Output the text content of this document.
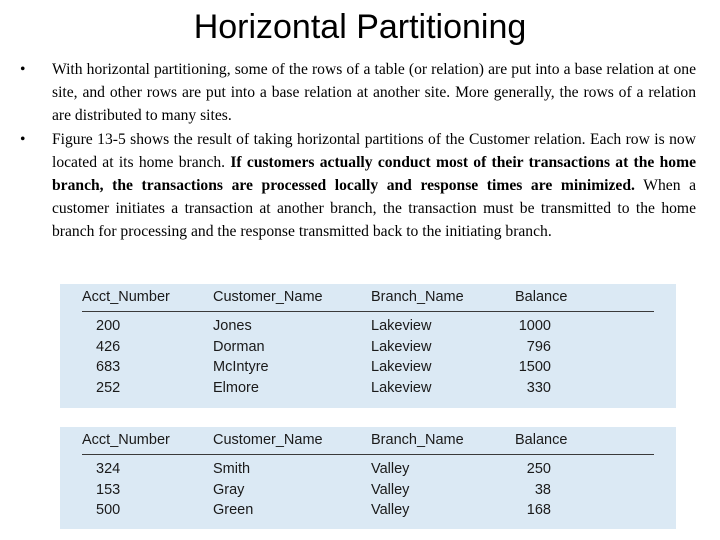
Horizontal Partitioning
• With horizontal partitioning, some of the rows of a table (or relation) are put into a base relation at one site, and other rows are put into a base relation at another site. More generally, the rows of a relation are distributed to many sites.
• Figure 13-5 shows the result of taking horizontal partitions of the Customer relation. Each row is now located at its home branch. If customers actually conduct most of their transactions at the home branch, the transactions are processed locally and response times are minimized. When a customer initiates a transaction at another branch, the transaction must be transmitted to the home branch for processing and the response transmitted back to the initiating branch.
Acct_Number	Customer_Name	Branch_Name	Balance
200	Jones	Lakeview	1000
426	Dorman	Lakeview	796
683	McIntyre	Lakeview	1500
252	Elmore	Lakeview	330
Acct_Number	Customer_Name	Branch_Name	Balance
324	Smith	Valley	250
153	Gray	Valley	38
500	Green	Valley	168
